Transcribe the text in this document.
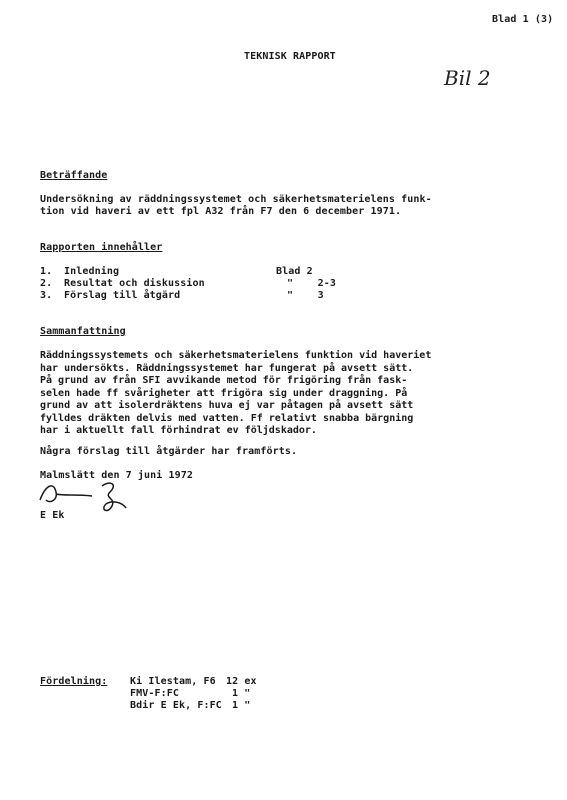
Blad 1 (3)
TEKNISK RAPPORT
Bil 2
Beträffande
Undersökning av räddningssystemet och säkerhetsmaterielens funk-
tion vid haveri av ett fpl A32 från F7 den 6 december 1971.
Rapporten innehåller
1. Inledning	Blad 2
2. Resultat och diskussion	"    2-3
3. Förslag till åtgärd	"    3
Sammanfattning
Räddningssystemets och säkerhetsmaterielens funktion vid haveriet
har undersökts. Räddningssystemet har fungerat på avsett sätt.
På grund av från SFI avvikande metod för frigöring från fask-
selen hade ff svårigheter att frigöra sig under draggning. På
grund av att isolerdräktens huva ej var påtagen på avsett sätt
fylldes dräkten delvis med vatten. Ff relativt snabba bärgning
har i aktuellt fall förhindrat ev följdskador.
Några förslag till åtgärder har framförts.
Malmslätt den 7 juni 1972
E Ek
Fördelning: Ki Ilestam, F6 12 ex
FMV-F:FC	1 "
Bdir E Ek, F:FC 1 "
